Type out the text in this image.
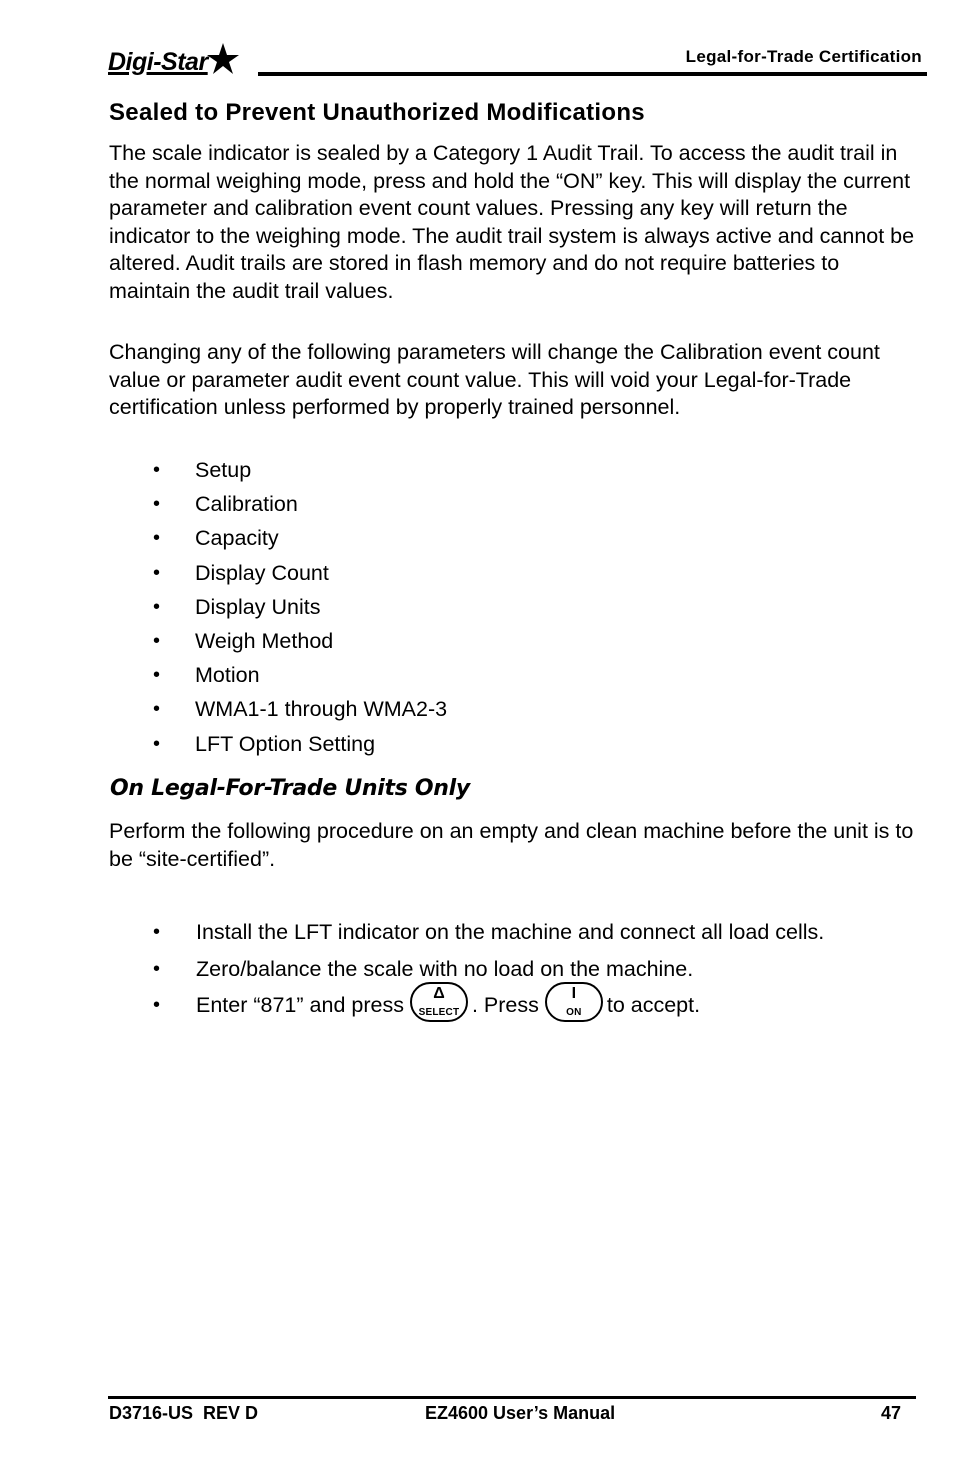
Digi-Star	Legal-for-Trade Certification
Sealed to Prevent Unauthorized Modifications

The scale indicator is sealed by a Category 1 Audit Trail. To access the audit trail in the normal weighing mode, press and hold the “ON” key. This will display the current parameter and calibration event count values. Pressing any key will return the indicator to the weighing mode. The audit trail system is always active and cannot be altered. Audit trails are stored in flash memory and do not require batteries to maintain the audit trail values.

Changing any of the following parameters will change the Calibration event count value or parameter audit event count value. This will void your Legal-for-Trade certification unless performed by properly trained personnel.

• Setup
• Calibration
• Capacity
• Display Count
• Display Units
• Weigh Method
• Motion
• WMA1-1 through WMA2-3
• LFT Option Setting
On Legal-For-Trade Units Only

Perform the following procedure on an empty and clean machine before the unit is to be “site-certified”.

• Install the LFT indicator on the machine and connect all load cells.
• Zero/balance the scale with no load on the machine.
• Enter “871” and press	Δ
SELECT . Press	I
ON	to accept.
D3716-US  REV D	EZ4600 User’s Manual	47
